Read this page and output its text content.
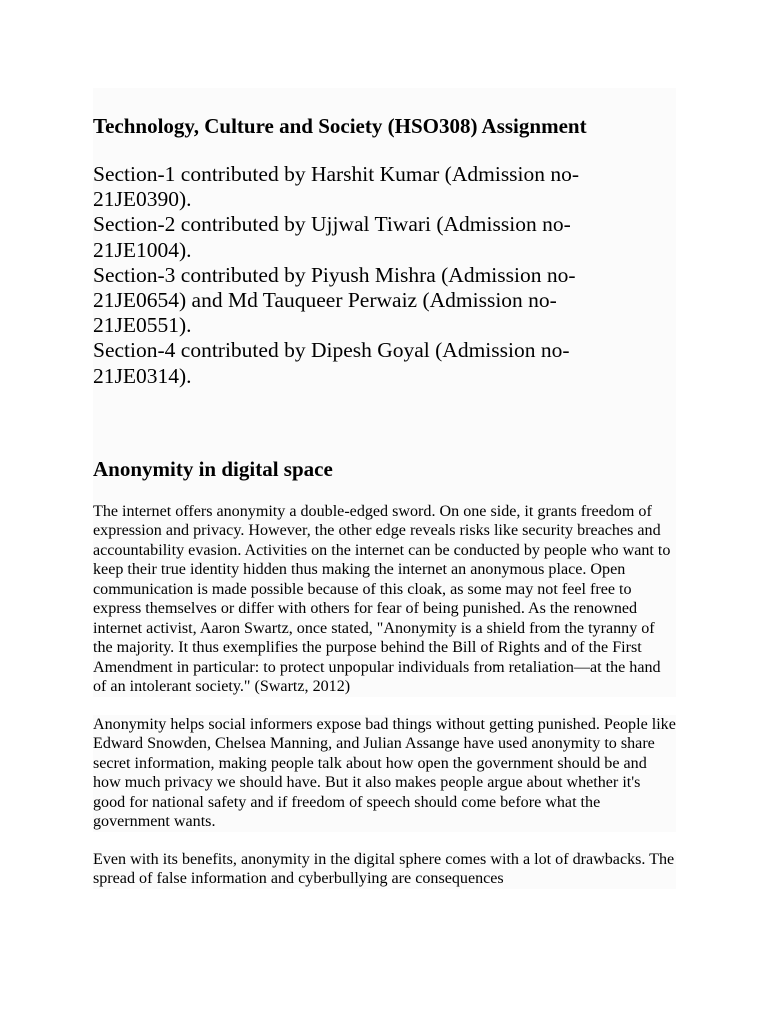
Technology, Culture and Society (HSO308) Assignment
Section-1 contributed by Harshit Kumar (Admission no-
21JE0390).
Section-2 contributed by Ujjwal Tiwari (Admission no-
21JE1004).
Section-3 contributed by Piyush Mishra (Admission no-
21JE0654) and Md Tauqueer Perwaiz (Admission no-
21JE0551).
Section-4 contributed by Dipesh Goyal (Admission no-
21JE0314).
Anonymity in digital space

The internet offers anonymity a double-edged sword. On one side, it grants freedom of expression and privacy. However, the other edge reveals risks like security breaches and accountability evasion. Activities on the internet can be conducted by people who want to keep their true identity hidden thus making the internet an anonymous place. Open communication is made possible because of this cloak, as some may not feel free to express themselves or differ with others for fear of being punished. As the renowned internet activist, Aaron Swartz, once stated, "Anonymity is a shield from the tyranny of the majority. It thus exemplifies the purpose behind the Bill of Rights and of the First Amendment in particular: to protect unpopular individuals from retaliation—at the hand of an intolerant society." (Swartz, 2012)

Anonymity helps social informers expose bad things without getting punished. People like Edward Snowden, Chelsea Manning, and Julian Assange have used anonymity to share secret information, making people talk about how open the government should be and how much privacy we should have. But it also makes people argue about whether it's good for national safety and if freedom of speech should come before what the government wants.

Even with its benefits, anonymity in the digital sphere comes with a lot of drawbacks. The spread of false information and cyberbullying are consequences
